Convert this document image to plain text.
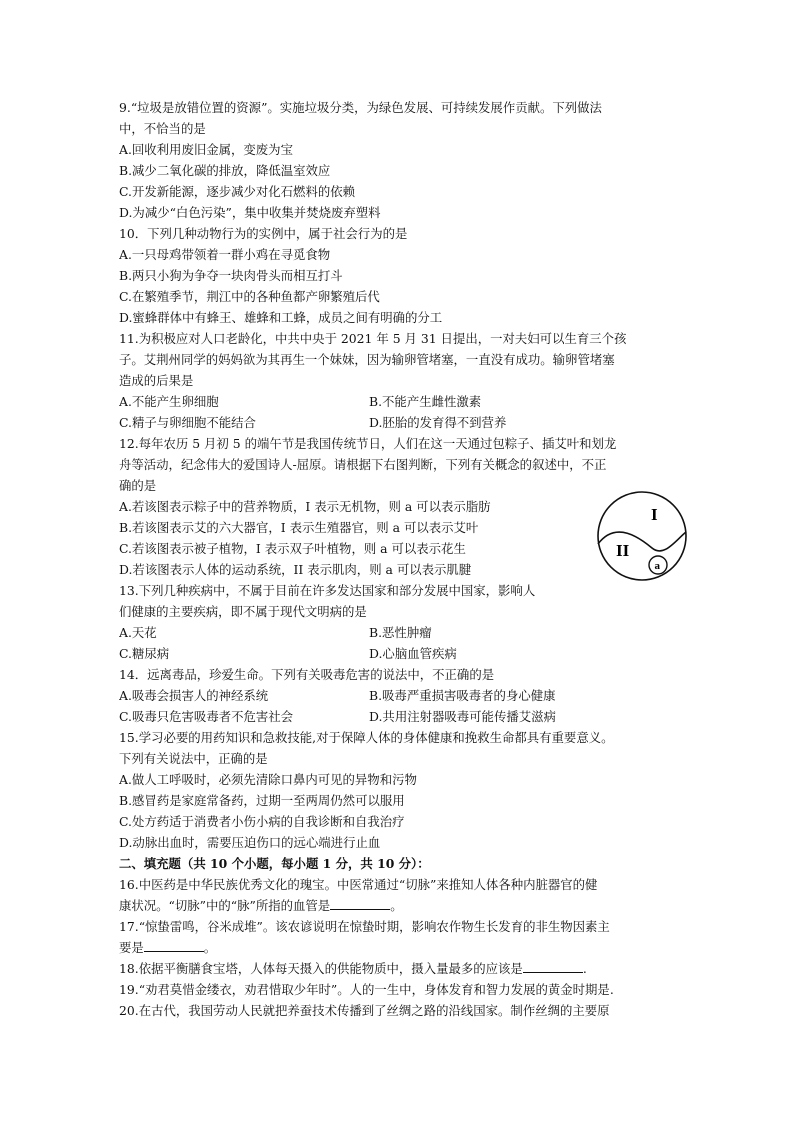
9.“垃圾是放错位置的资源”。实施垃圾分类，为绿色发展、可持续发展作贡献。下列做法
中，不恰当的是
A.回收利用废旧金属，变废为宝
B.减少二氧化碳的排放，降低温室效应
C.开发新能源，逐步减少对化石燃料的依赖
D.为减少“白色污染”，集中收集并焚烧废弃塑料
10．下列几种动物行为的实例中，属于社会行为的是
A.一只母鸡带领着一群小鸡在寻觅食物
B.两只小狗为争夺一块肉骨头而相互打斗
C.在繁殖季节，荆江中的各种鱼都产卵繁殖后代
D.蜜蜂群体中有蜂王、雄蜂和工蜂，成员之间有明确的分工
11.为积极应对人口老龄化，中共中央于 2021 年 5 月 31 日提出，一对夫妇可以生育三个孩
子。艾荆州同学的妈妈欲为其再生一个妹妹，因为输卵管堵塞，一直没有成功。输卵管堵塞
造成的后果是
A.不能产生卵细胞	B.不能产生雌性激素
C.精子与卵细胞不能结合	D.胚胎的发育得不到营养
12.每年农历 5 月初 5 的端午节是我国传统节日，人们在这一天通过包粽子、插艾叶和划龙
舟等活动，纪念伟大的爱国诗人-屈原。请根据下右图判断，下列有关概念的叙述中，不正
确的是
A.若该图表示粽子中的营养物质，I 表示无机物，则 a 可以表示脂肪
B.若该图表示艾的六大器官，I 表示生殖器官，则 a 可以表示艾叶
C.若该图表示被子植物，I 表示双子叶植物，则 a 可以表示花生
D.若该图表示人体的运动系统，II 表示肌肉，则 a 可以表示肌腱
13.下列几种疾病中，不属于目前在许多发达国家和部分发展中国家，影响人
们健康的主要疾病，即不属于现代文明病的是
A.天花	B.恶性肿瘤
C.糖尿病	D.心脑血管疾病
14．远离毒品，珍爱生命。下列有关吸毒危害的说法中，不正确的是
A.吸毒会损害人的神经系统	B.吸毒严重损害吸毒者的身心健康
C.吸毒只危害吸毒者不危害社会	D.共用注射器吸毒可能传播艾滋病
15.学习必要的用药知识和急救技能,对于保障人体的身体健康和挽救生命都具有重要意义。
下列有关说法中，正确的是
A.做人工呼吸时，必须先清除口鼻内可见的异物和污物
B.感冒药是家庭常备药，过期一至两周仍然可以服用
C.处方药适于消费者小伤小病的自我诊断和自我治疗
D.动脉出血时，需要压迫伤口的远心端进行止血
二、填充题（共 10 个小题，每小题 1 分，共 10 分）：
16.中医药是中华民族优秀文化的瑰宝。中医常通过“切脉”来推知人体各种内脏器官的健
康状况。“切脉”中的“脉”所指的血管是	。
17.“惊蛰雷鸣，谷米成堆”。该农谚说明在惊蛰时期，影响农作物生长发育的非生物因素主
要是	。
18.依据平衡膳食宝塔，人体每天摄入的供能物质中，摄入量最多的应该是	.
19.“劝君莫惜金缕衣，劝君惜取少年时”。人的一生中，身体发育和智力发展的黄金时期是.
20.在古代，我国劳动人民就把养蚕技术传播到了丝绸之路的沿线国家。制作丝绸的主要原
I
II
a
